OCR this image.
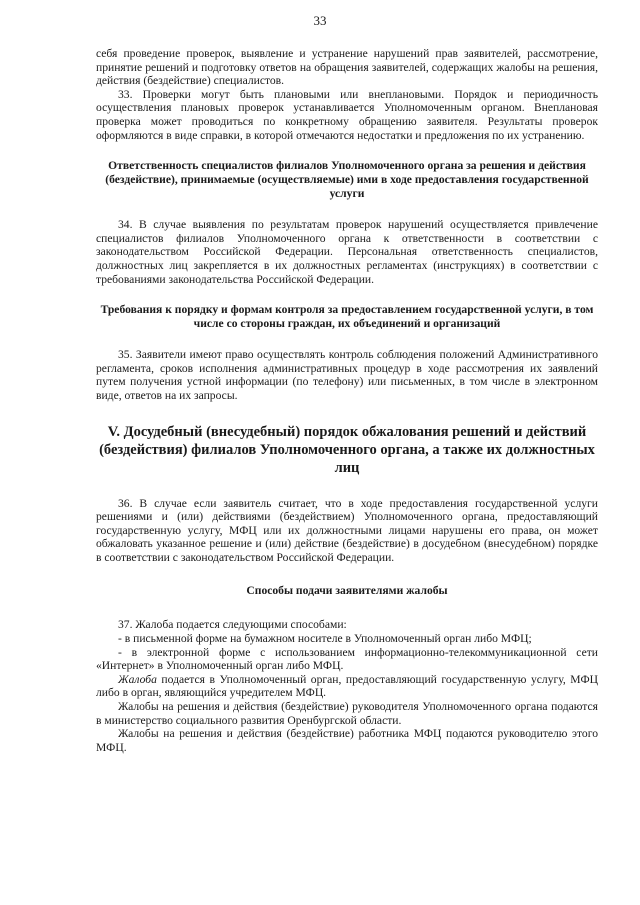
33

себя проведение проверок, выявление и устранение нарушений прав заявителей, рассмотрение, принятие решений и подготовку ответов на обращения заявителей, содержащих жалобы на решения, действия (бездействие) специалистов.

33. Проверки могут быть плановыми или внеплановыми. Порядок и периодичность осуществления плановых проверок устанавливается Уполномоченным органом. Внеплановая проверка может проводиться по конкретному обращению заявителя. Результаты проверок оформляются в виде справки, в которой отмечаются недостатки и предложения по их устранению.

Ответственность специалистов филиалов Уполномоченного органа за решения и действия (бездействие), принимаемые (осуществляемые) ими в ходе предоставления государственной услуги

34. В случае выявления по результатам проверок нарушений осуществляется привлечение специалистов филиалов Уполномоченного органа к ответственности в соответствии с законодательством Российской Федерации. Персональная ответственность специалистов, должностных лиц закрепляется в их должностных регламентах (инструкциях) в соответствии с требованиями законодательства Российской Федерации.

Требования к порядку и формам контроля за предоставлением государственной услуги, в том числе со стороны граждан, их объединений и организаций

35. Заявители имеют право осуществлять контроль соблюдения положений Административного регламента, сроков исполнения административных процедур в ходе рассмотрения их заявлений путем получения устной информации (по телефону) или письменных, в том числе в электронном виде, ответов на их запросы.

V. Досудебный (внесудебный) порядок обжалования решений и действий (бездействия) филиалов Уполномоченного органа, а также их должностных лиц

36. В случае если заявитель считает, что в ходе предоставления государственной услуги решениями и (или) действиями (бездействием) Уполномоченного органа, предоставляющий государственную услугу, МФЦ или их должностными лицами нарушены его права, он может обжаловать указанное решение и (или) действие (бездействие) в досудебном (внесудебном) порядке в соответствии с законодательством Российской Федерации.

Способы подачи заявителями жалобы

37. Жалоба подается следующими способами:

- в письменной форме на бумажном носителе в Уполномоченный орган либо МФЦ;

- в электронной форме с использованием информационно-телекоммуникационной сети «Интернет» в Уполномоченный орган либо МФЦ.

Жалоба подается в Уполномоченный орган, предоставляющий государственную услугу, МФЦ либо в орган, являющийся учредителем МФЦ.

Жалобы на решения и действия (бездействие) руководителя Уполномоченного органа подаются в министерство социального развития Оренбургской области.

Жалобы на решения и действия (бездействие) работника МФЦ подаются руководителю этого МФЦ.
